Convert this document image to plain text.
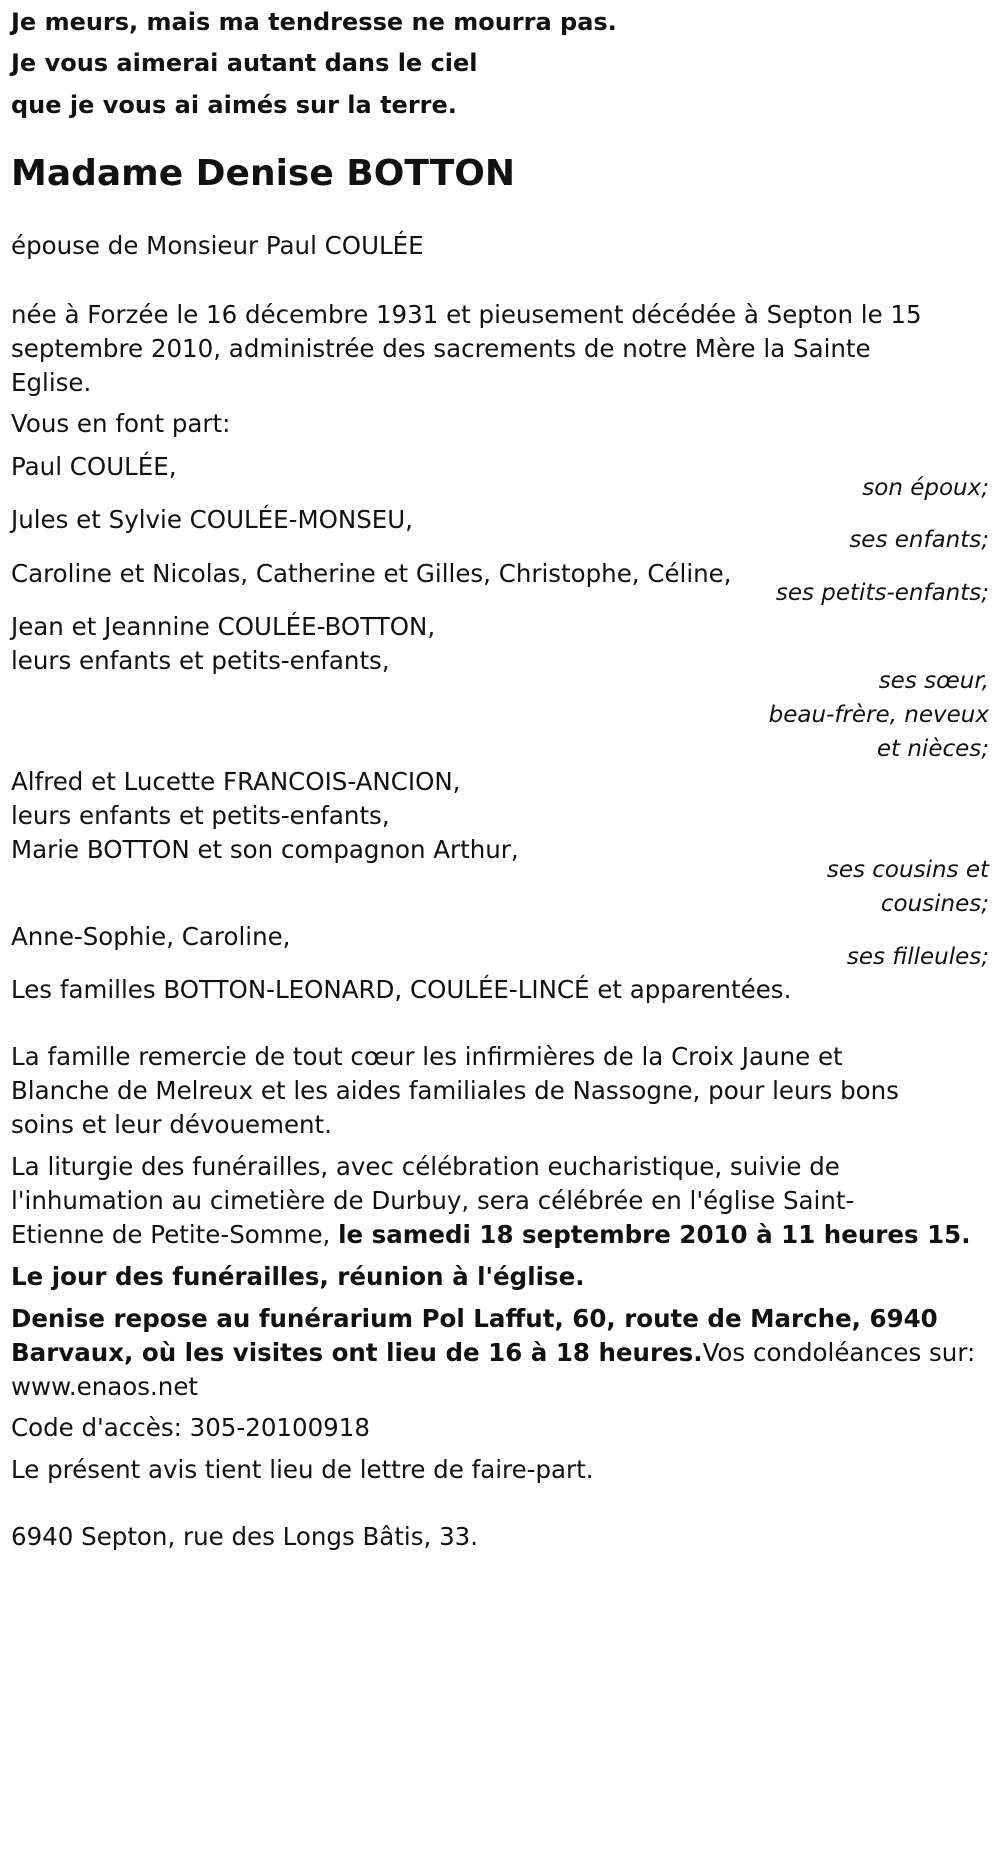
Je meurs, mais ma tendresse ne mourra pas.
Je vous aimerai autant dans le ciel
que je vous ai aimés sur la terre.
Madame Denise BOTTON
épouse de Monsieur Paul COULÉE
née à Forzée le 16 décembre 1931 et pieusement décédée à Septon le 15
septembre 2010, administrée des sacrements de notre Mère la Sainte
Eglise.
Vous en font part:
Paul COULÉE,
son époux;
Jules et Sylvie COULÉE-MONSEU,
ses enfants;
Caroline et Nicolas, Catherine et Gilles, Christophe, Céline,
ses petits-enfants;
Jean et Jeannine COULÉE-BOTTON,
leurs enfants et petits-enfants,
ses sœur,
beau-frère, neveux
et nièces;
Alfred et Lucette FRANCOIS-ANCION,
leurs enfants et petits-enfants,
Marie BOTTON et son compagnon Arthur,
ses cousins et
cousines;
Anne-Sophie, Caroline,
ses filleules;
Les familles BOTTON-LEONARD, COULÉE-LINCÉ et apparentées.
La famille remercie de tout cœur les infirmières de la Croix Jaune et
Blanche de Melreux et les aides familiales de Nassogne, pour leurs bons
soins et leur dévouement.
La liturgie des funérailles, avec célébration eucharistique, suivie de
l'inhumation au cimetière de Durbuy, sera célébrée en l'église Saint-
Etienne de Petite-Somme, le samedi 18 septembre 2010 à 11 heures 15.
Le jour des funérailles, réunion à l'église.
Denise repose au funérarium Pol Laffut, 60, route de Marche, 6940
Barvaux, où les visites ont lieu de 16 à 18 heures.Vos condoléances sur:
www.enaos.net
Code d'accès: 305-20100918
Le présent avis tient lieu de lettre de faire-part.
6940 Septon, rue des Longs Bâtis, 33.
